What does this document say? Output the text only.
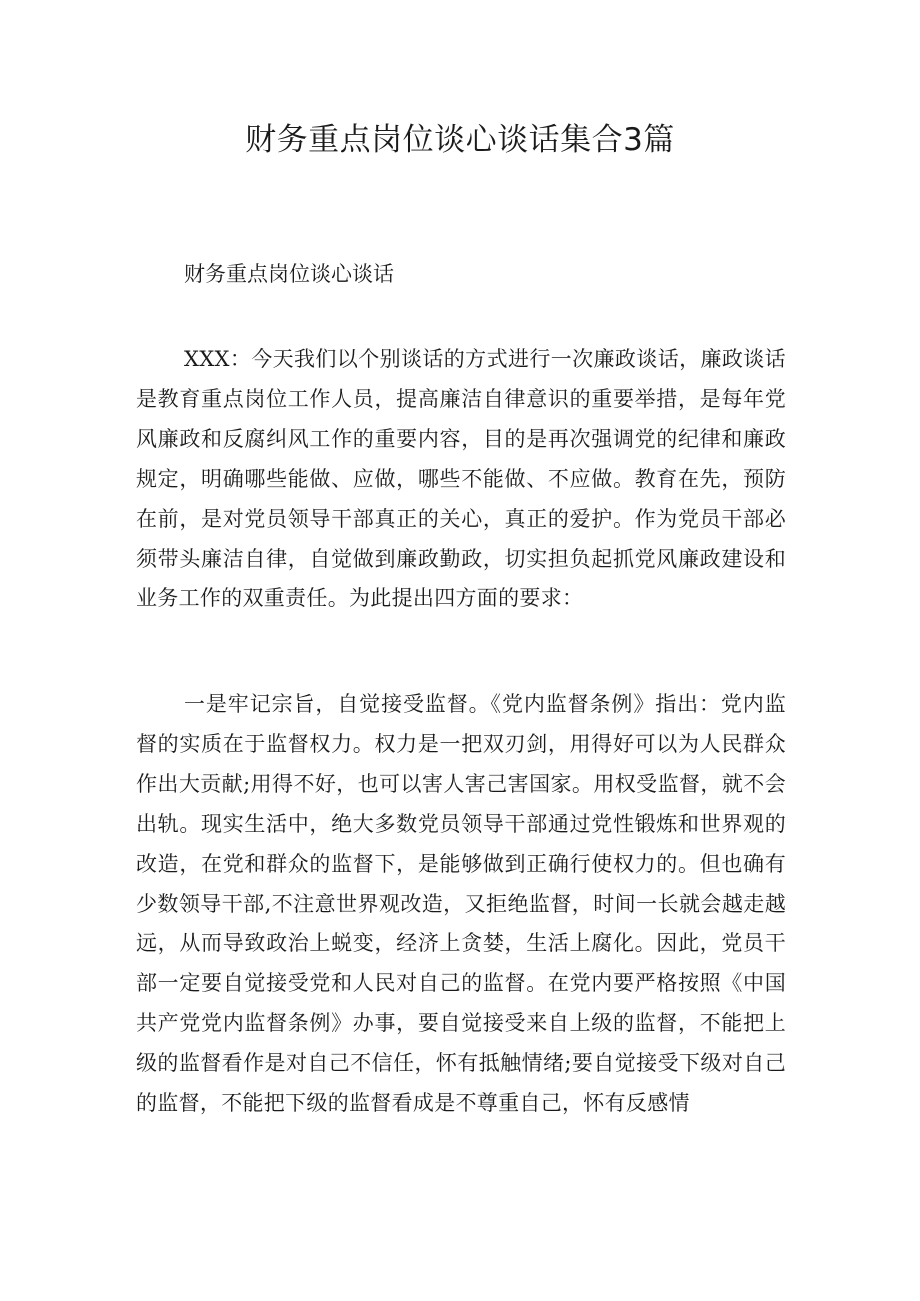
财务重点岗位谈心谈话集合3篇

财务重点岗位谈心谈话

XXX：今天我们以个别谈话的方式进行一次廉政谈话，廉政谈话是教育重点岗位工作人员，提高廉洁自律意识的重要举措，是每年党风廉政和反腐纠风工作的重要内容，目的是再次强调党的纪律和廉政规定，明确哪些能做、应做，哪些不能做、不应做。教育在先，预防在前，是对党员领导干部真正的关心，真正的爱护。作为党员干部必须带头廉洁自律，自觉做到廉政勤政，切实担负起抓党风廉政建设和业务工作的双重责任。为此提出四方面的要求：

一是牢记宗旨，自觉接受监督。《党内监督条例》指出：党内监督的实质在于监督权力。权力是一把双刃剑，用得好可以为人民群众作出大贡献;用得不好，也可以害人害己害国家。用权受监督，就不会出轨。现实生活中，绝大多数党员领导干部通过党性锻炼和世界观的改造，在党和群众的监督下，是能够做到正确行使权力的。但也确有少数领导干部,不注意世界观改造，又拒绝监督，时间一长就会越走越远，从而导致政治上蜕变，经济上贪婪，生活上腐化。因此，党员干部一定要自觉接受党和人民对自己的监督。在党内要严格按照《中国共产党党内监督条例》办事，要自觉接受来自上级的监督，不能把上级的监督看作是对自己不信任，怀有抵触情绪;要自觉接受下级对自己的监督，不能把下级的监督看成是不尊重自己，怀有反感情
